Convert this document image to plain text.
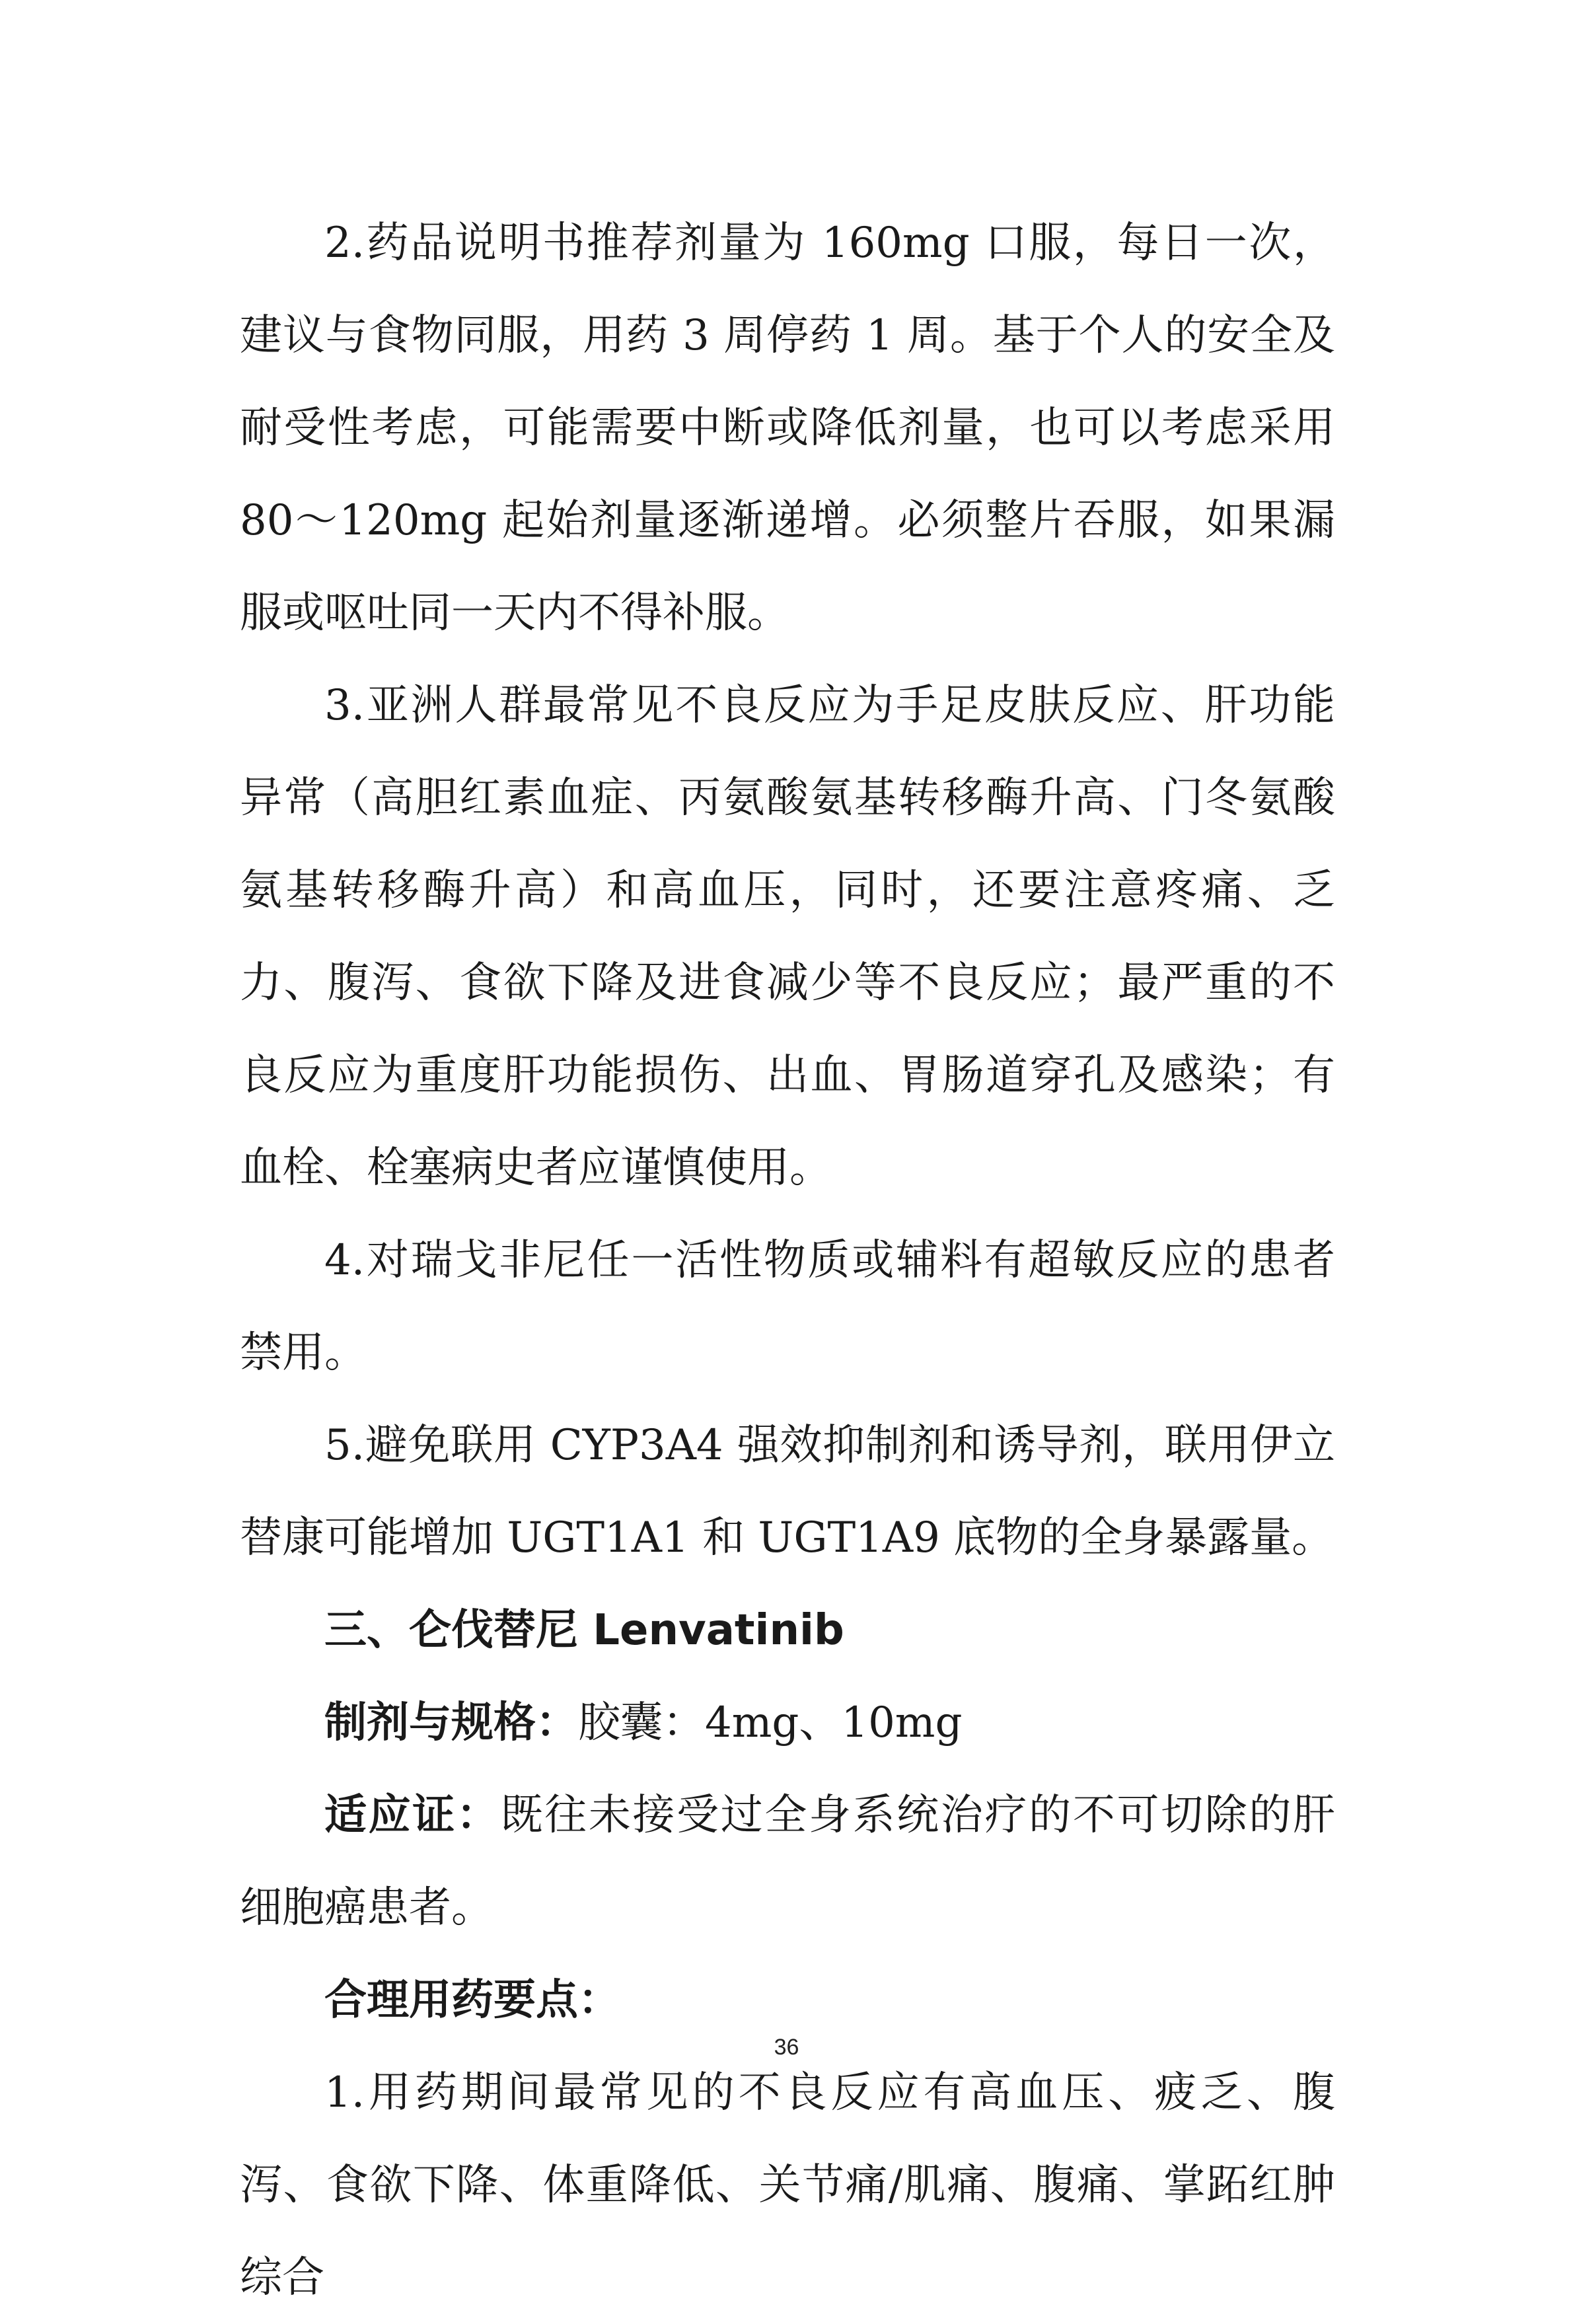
2.药品说明书推荐剂量为 160mg 口服，每日一次，建议与食物同服，用药 3 周停药 1 周。基于个人的安全及耐受性考虑，可能需要中断或降低剂量，也可以考虑采用 80～120mg 起始剂量逐渐递增。必须整片吞服，如果漏服或呕吐同一天内不得补服。

3.亚洲人群最常见不良反应为手足皮肤反应、肝功能异常（高胆红素血症、丙氨酸氨基转移酶升高、门冬氨酸氨基转移酶升高）和高血压，同时，还要注意疼痛、乏力、腹泻、食欲下降及进食减少等不良反应；最严重的不良反应为重度肝功能损伤、出血、胃肠道穿孔及感染；有血栓、栓塞病史者应谨慎使用。

4.对瑞戈非尼任一活性物质或辅料有超敏反应的患者禁用。

5.避免联用 CYP3A4 强效抑制剂和诱导剂，联用伊立替康可能增加 UGT1A1 和 UGT1A9 底物的全身暴露量。

三、仑伐替尼 Lenvatinib

制剂与规格：胶囊：4mg、10mg

适应证：既往未接受过全身系统治疗的不可切除的肝细胞癌患者。

合理用药要点：

1.用药期间最常见的不良反应有高血压、疲乏、腹泻、食欲下降、体重降低、关节痛/肌痛、腹痛、掌跖红肿综合

36
